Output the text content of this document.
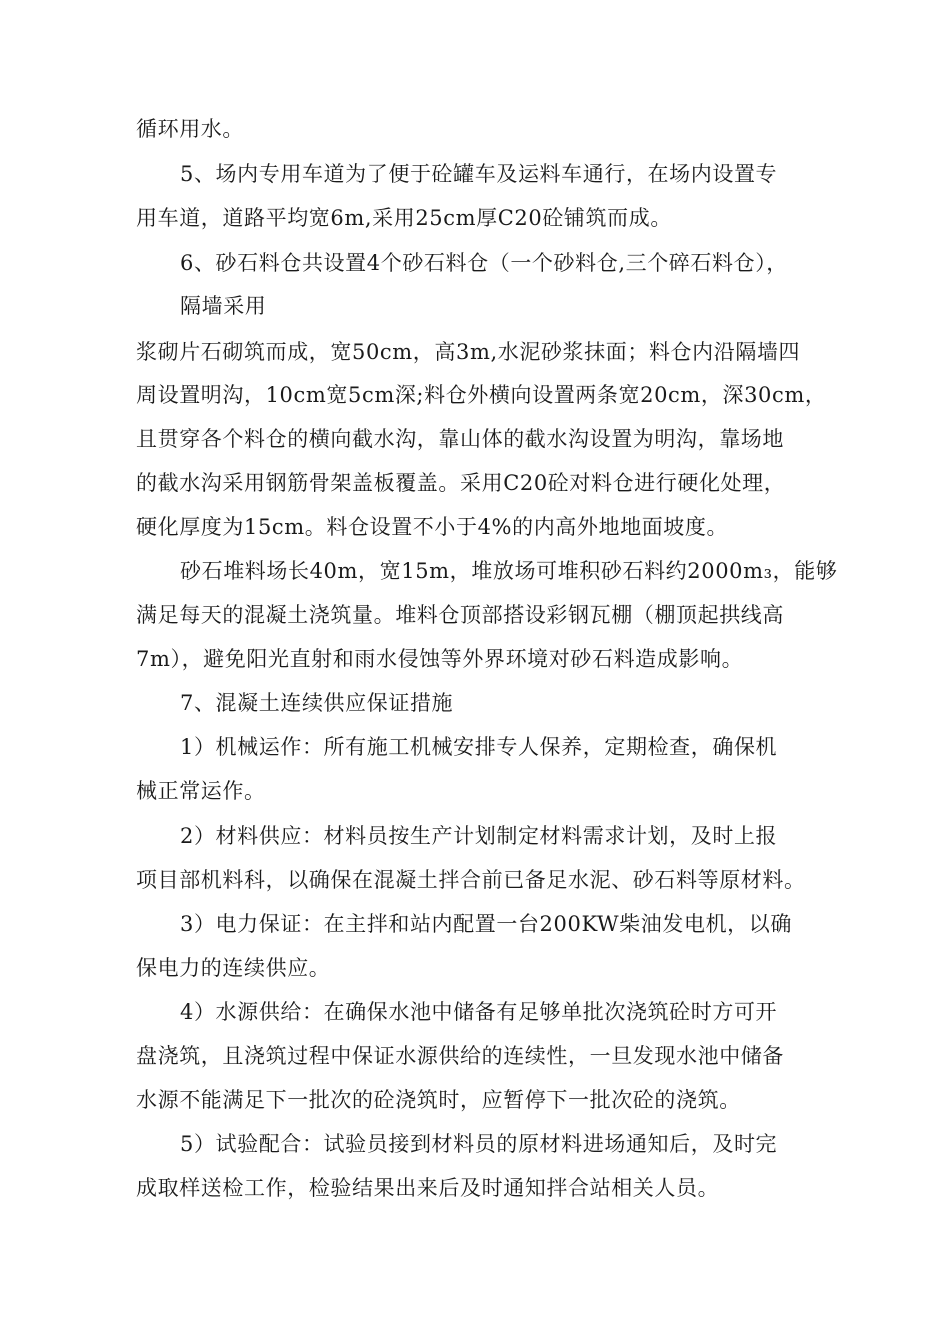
循环用水。
5、场内专用车道为了便于砼罐车及运料车通行，在场内设置专
用车道，道路平均宽6m,采用25cm厚C20砼铺筑而成。
6、砂石料仓共设置4个砂石料仓（一个砂料仓,三个碎石料仓），
隔墙采用
浆砌片石砌筑而成，宽50cm，高3m,水泥砂浆抹面；料仓内沿隔墙四
周设置明沟，10cm宽5cm深;料仓外横向设置两条宽20cm，深30cm，
且贯穿各个料仓的横向截水沟，靠山体的截水沟设置为明沟，靠场地
的截水沟采用钢筋骨架盖板覆盖。采用C20砼对料仓进行硬化处理，
硬化厚度为15cm。料仓设置不小于4%的内高外地地面坡度。
砂石堆料场长40m，宽15m，堆放场可堆积砂石料约2000m₃，能够
满足每天的混凝土浇筑量。堆料仓顶部搭设彩钢瓦棚（棚顶起拱线高
7m），避免阳光直射和雨水侵蚀等外界环境对砂石料造成影响。
7、混凝土连续供应保证措施
1）机械运作：所有施工机械安排专人保养，定期检查，确保机
械正常运作。
2）材料供应：材料员按生产计划制定材料需求计划，及时上报
项目部机料科，以确保在混凝土拌合前已备足水泥、砂石料等原材料。
3）电力保证：在主拌和站内配置一台200KW柴油发电机，以确
保电力的连续供应。
4）水源供给：在确保水池中储备有足够单批次浇筑砼时方可开
盘浇筑，且浇筑过程中保证水源供给的连续性，一旦发现水池中储备
水源不能满足下一批次的砼浇筑时，应暂停下一批次砼的浇筑。
5）试验配合：试验员接到材料员的原材料进场通知后，及时完
成取样送检工作，检验结果出来后及时通知拌合站相关人员。
